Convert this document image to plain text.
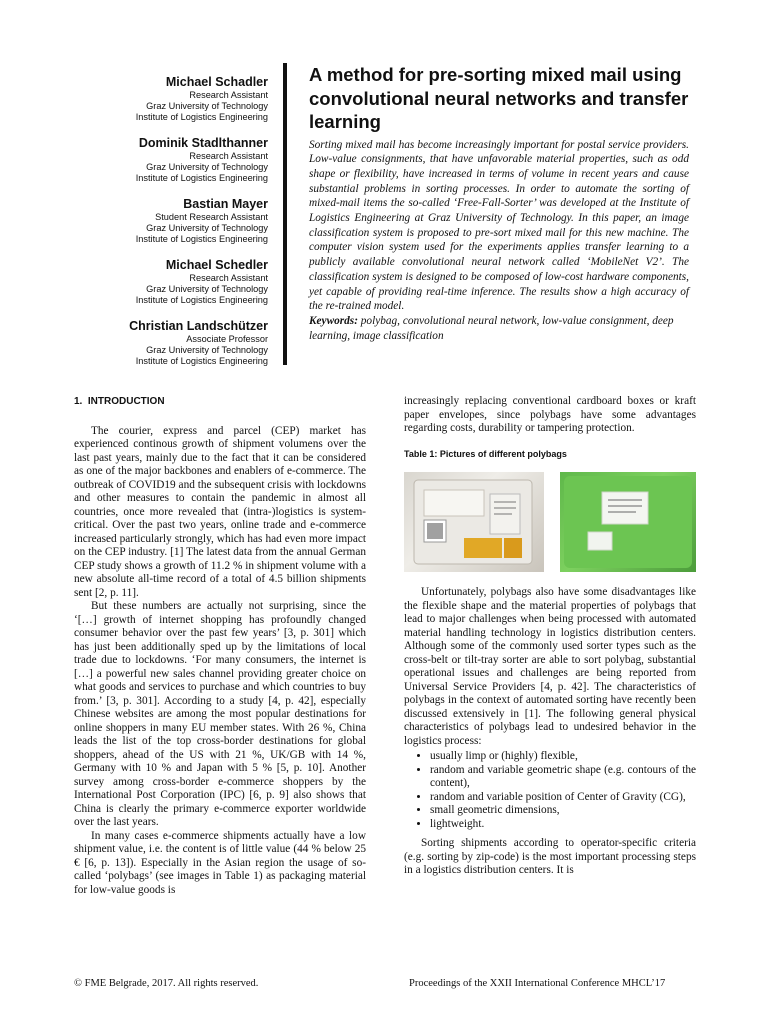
Michael Schadler
Research Assistant
Graz University of Technology
Institute of Logistics Engineering
Dominik Stadlthanner
Research Assistant
Graz University of Technology
Institute of Logistics Engineering
Bastian Mayer
Student Research Assistant
Graz University of Technology
Institute of Logistics Engineering
Michael Schedler
Research Assistant
Graz University of Technology
Institute of Logistics Engineering
Christian Landschützer
Associate Professor
Graz University of Technology
Institute of Logistics Engineering
A method for pre-sorting mixed mail using convolutional neural networks and transfer learning

Sorting mixed mail has become increasingly important for postal service providers. Low-value consignments, that have unfavorable material properties, such as odd shape or flexibility, have increased in terms of volume in recent years and cause substantial problems in sorting processes. In order to automate the sorting of mixed-mail items the so-called ‘Free-Fall-Sorter’ was developed at the Institute of Logistics Engineering at Graz University of Technology. In this paper, an image classification system is proposed to pre-sort mixed mail for this new machine. The computer vision system used for the experiments applies transfer learning to a publicly available convolutional neural network called ‘MobileNet V2’. The classification system is designed to be composed of low-cost hardware components, yet capable of providing real-time inference. The results show a high accuracy of the re-trained model.

Keywords: polybag, convolutional neural network, low-value consignment, deep learning, image classification

1.  INTRODUCTION

The courier, express and parcel (CEP) market has experienced continous growth of shipment volumens over the last past years, mainly due to the fact that it can be considered as one of the major backbones and enablers of e-commerce. The outbreak of COVID19 and the subsequent crisis with lockdowns and other measures to contain the pandemic in almost all countries, once more revealed that (intra-)logistics is system-critical. Over the past two years, online trade and e-commerce increased particularly strongly, which has had even more impact on the CEP industry. [1] The latest data from the annual German CEP study shows a growth of 11.2 % in shipment volume with a new absolute all-time record of a total of 4.5 billion shipments sent [2, p. 11].

But these numbers are actually not surprising, since the ‘[…] growth of internet shopping has profoundly changed consumer behavior over the past few years’ [3, p. 301] which has just been additionally sped up by the limitations of local trade due to lockdowns. ‘For many consumers, the internet is […] a powerful new sales channel providing greater choice on what goods and services to purchase and which countries to buy from.’ [3, p. 301]. According to a study [4, p. 42], especially Chinese websites are among the most popular destinations for online shoppers in many EU member states. With 26 %, China leads the list of the top cross-border destinations for global shoppers, ahead of the US with 21 %, UK/GB with 14 %, Germany with 10 % and Japan with 5 % [5, p. 10]. Another survey among cross-border e-commerce shoppers by the International Post Corporation (IPC) [6, p. 9] also shows that China is clearly the primary e-commerce exporter worldwide over the last years.

In many cases e-commerce shipments actually have a low shipment value, i.e. the content is of little value (44 % below 25 € [6, p. 13]). Especially in the Asian region the usage of so-called ‘polybags’ (see images in Table 1) as packaging material for low-value goods is

increasingly replacing conventional cardboard boxes or kraft paper envelopes, since polybags have some advantages regarding costs, durability or tampering protection.

Table 1: Pictures of different polybags

Unfortunately, polybags also have some disadvantages like the flexible shape and the material properties of polybags that lead to major challenges when being processed with automated material handling technology in logistics distribution centers. Although some of the commonly used sorter types such as the cross-belt or tilt-tray sorter are able to sort polybag, substantial operational issues and challenges are being reported from Universal Service Providers [4, p. 42]. The characteristics of polybags in the context of automated sorting have recently been discussed extensively in [1]. The following general physical characteristics of polybags lead to undesired behavior in the logistics process:

• usually limp or (highly) flexible,
• random and variable geometric shape (e.g. contours of the content),
• random and variable position of Center of Gravity (CG),
• small geometric dimensions,
• lightweight.

Sorting shipments according to operator-specific criteria (e.g. sorting by zip-code) is the most important processing steps in a logistics distribution centers. It is

© FME Belgrade, 2017. All rights reserved.	Proceedings of the XXII International Conference MHCL’17
